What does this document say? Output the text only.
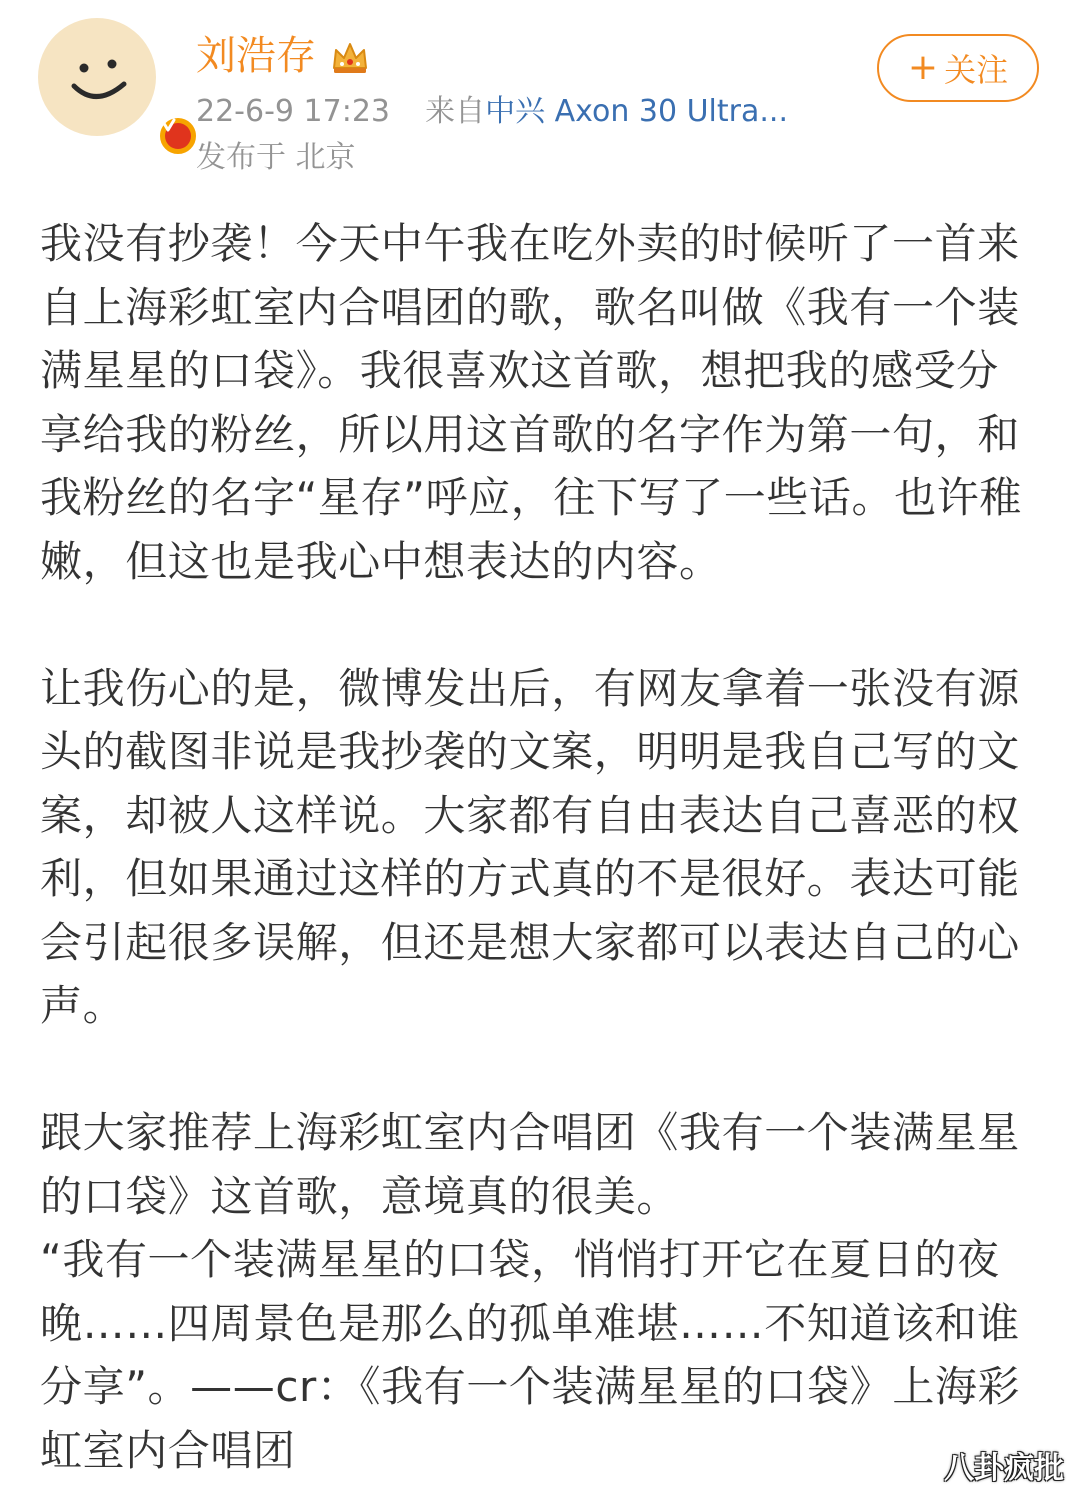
刘浩存
22-6-9 17:23 来自中兴 Axon 30 Ultra...
发布于 北京
+ 关注
我没有抄袭！今天中午我在吃外卖的时候听了一首来自上海彩虹室内合唱团的歌，歌名叫做《我有一个装满星星的口袋》。我很喜欢这首歌，想把我的感受分享给我的粉丝，所以用这首歌的名字作为第一句，和我粉丝的名字“星存”呼应，往下写了一些话。也许稚嫩，但这也是我心中想表达的内容。
让我伤心的是，微博发出后，有网友拿着一张没有源头的截图非说是我抄袭的文案，明明是我自己写的文案，却被人这样说。大家都有自由表达自己喜恶的权利，但如果通过这样的方式真的不是很好。表达可能会引起很多误解，但还是想大家都可以表达自己的心声。
跟大家推荐上海彩虹室内合唱团《我有一个装满星星的口袋》这首歌，意境真的很美。
“我有一个装满星星的口袋，悄悄打开它在夏日的夜晚……四周景色是那么的孤单难堪……不知道该和谁分享”。——cr：《我有一个装满星星的口袋》上海彩虹室内合唱团	八卦疯批
